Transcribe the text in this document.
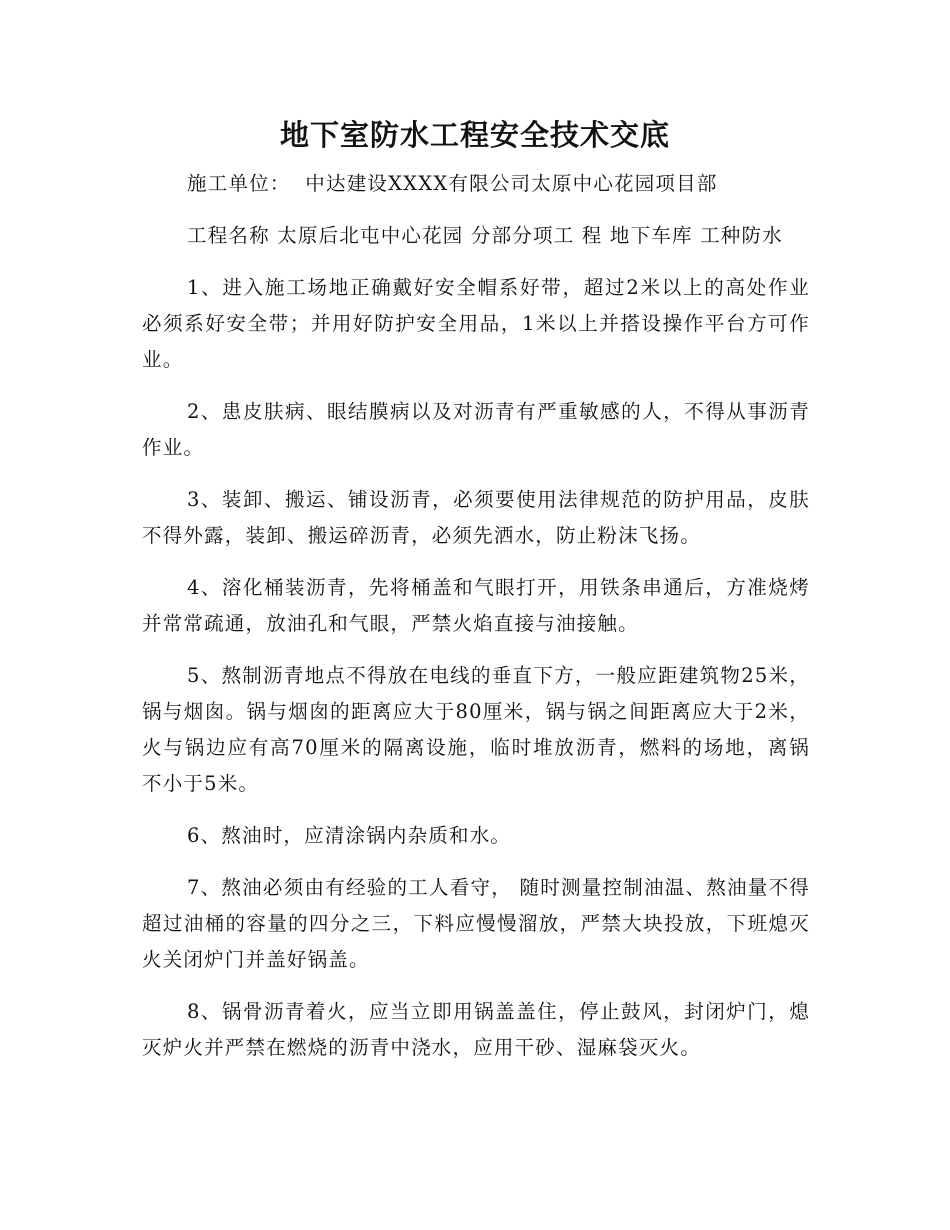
地下室防水工程安全技术交底

施工单位：  中达建设XXXX有限公司太原中心花园项目部

工程名称 太原后北屯中心花园 分部分项工 程 地下车库 工种防水

1、进入施工场地正确戴好安全帽系好带，超过2米以上的高处作业必须系好安全带；并用好防护安全用品，1米以上并搭设操作平台方可作业。

2、患皮肤病、眼结膜病以及对沥青有严重敏感的人，不得从事沥青作业。

3、装卸、搬运、铺设沥青，必须要使用法律规范的防护用品，皮肤不得外露，装卸、搬运碎沥青，必须先洒水，防止粉沫飞扬。

4、溶化桶装沥青，先将桶盖和气眼打开，用铁条串通后，方准烧烤并常常疏通，放油孔和气眼，严禁火焰直接与油接触。

5、熬制沥青地点不得放在电线的垂直下方，一般应距建筑物25米，锅与烟囱。锅与烟囱的距离应大于80厘米，锅与锅之间距离应大于2米，火与锅边应有高70厘米的隔离设施，临时堆放沥青，燃料的场地，离锅不小于5米。

6、熬油时，应清涂锅内杂质和水。

7、熬油必须由有经验的工人看守， 随时测量控制油温、熬油量不得超过油桶的容量的四分之三，下料应慢慢溜放，严禁大块投放，下班熄灭火关闭炉门并盖好锅盖。

8、锅骨沥青着火，应当立即用锅盖盖住，停止鼓风，封闭炉门，熄灭炉火并严禁在燃烧的沥青中浇水，应用干砂、湿麻袋灭火。
